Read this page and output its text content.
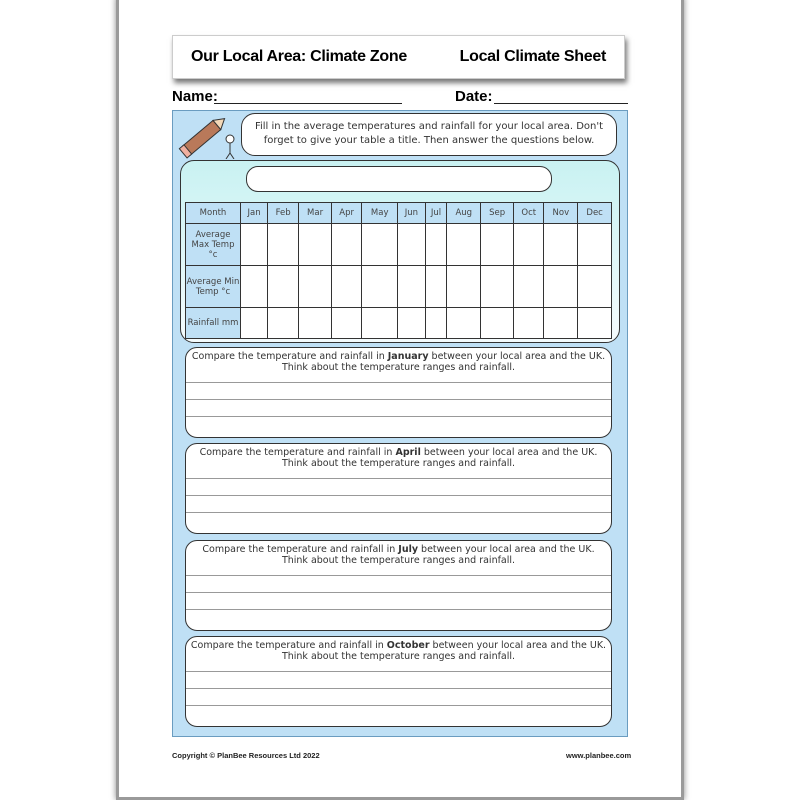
Our Local Area: Climate Zone	Local Climate Sheet
Name:	Date:
Fill in the average temperatures and rainfall for your local area. Don't forget to give your table a title. Then answer the questions below.
Month	Jan	Feb	Mar	Apr	May	Jun	Jul	Aug	Sep	Oct	Nov	Dec
Average Max Temp °c												
Average Min Temp °c												
Rainfall mm												
Compare the temperature and rainfall in January between your local area and the UK.
Think about the temperature ranges and rainfall.
Compare the temperature and rainfall in April between your local area and the UK.
Think about the temperature ranges and rainfall.
Compare the temperature and rainfall in July between your local area and the UK.
Think about the temperature ranges and rainfall.
Compare the temperature and rainfall in October between your local area and the UK.
Think about the temperature ranges and rainfall.
Copyright © PlanBee Resources Ltd 2022	www.planbee.com
